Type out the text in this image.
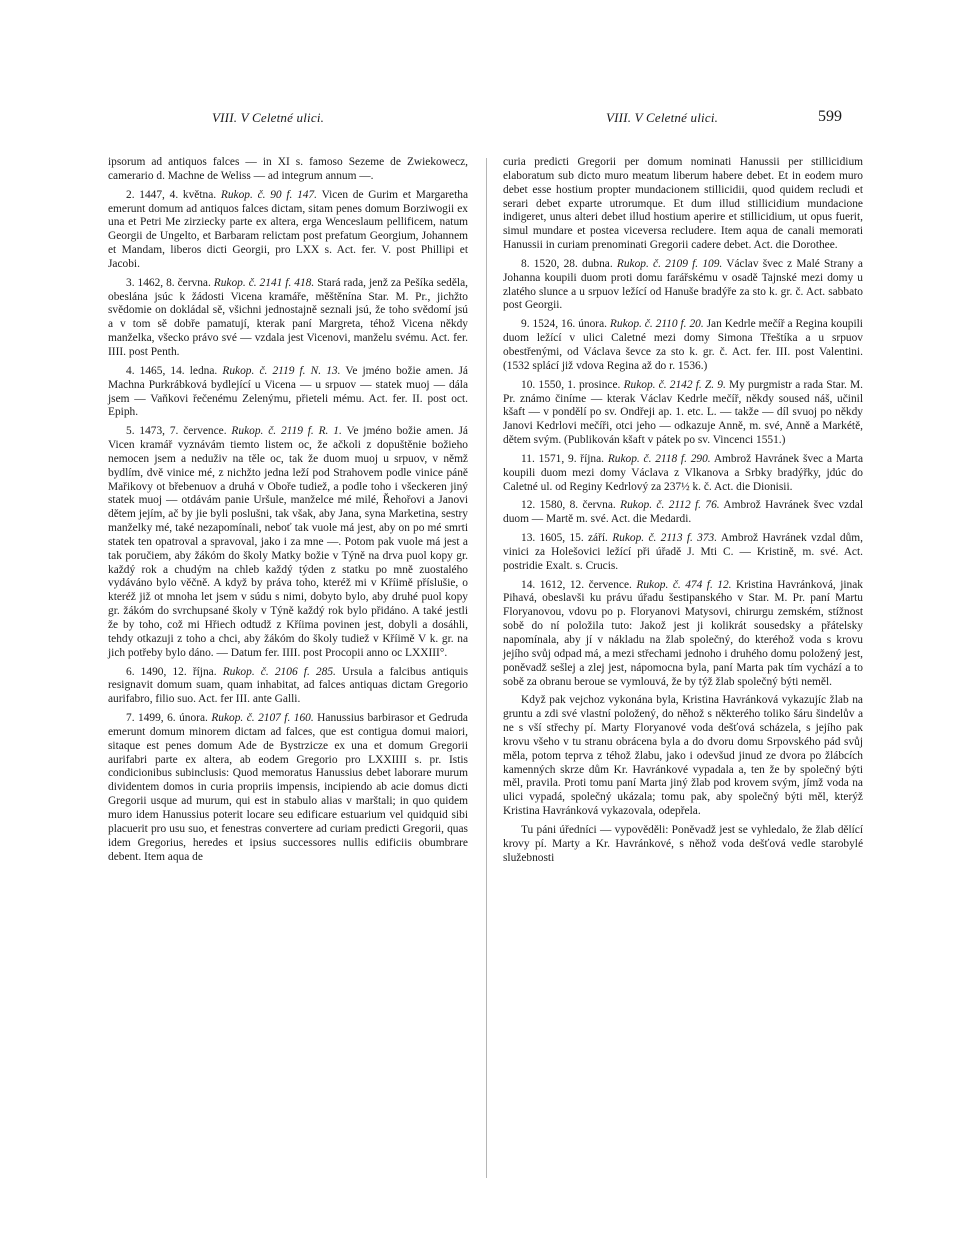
VIII. V Celetné ulici.	VIII. V Celetné ulici.	599

ipsorum ad antiquos falces — in XI s. famoso Sezeme de Zwiekowecz, camerario d. Machne de Weliss — ad integrum annum —.

2. 1447, 4. května. Rukop. č. 90 f. 147. Vicen de Gurim et Margaretha emerunt domum ad antiquos falces dictam, sitam penes domum Borziwogii ex una et Petri Me zirziecky parte ex altera, erga Wenceslaum pellificem, natum Georgii de Ungelto, et Barbaram relictam post prefatum Georgium, Johannem et Mandam, liberos dicti Georgii, pro LXX s. Act. fer. V. post Phillipi et Jacobi.

3. 1462, 8. června. Rukop. č. 2141 f. 418. Stará rada, jenž za Pešíka seděla, obeslána jsúc k žádosti Vicena kramáře, měštěnína Star. M. Pr., jichžto svědomie on dokládal sě, všichni jednostajně seznali jsú, že toho svědomí jsú a v tom sě dobře pamatují, kterak paní Margreta, téhož Vicena někdy manželka, všecko právo své — vzdala jest Vicenovi, manželu svému. Act. fer. IIII. post Penth.

4. 1465, 14. ledna. Rukop. č. 2119 f. N. 13. Ve jméno božie amen. Já Machna Purkrábková bydlející u Vicena — u srpuov — statek muoj — dála jsem — Vaňkovi řečenému Zelenýmu, přieteli mému. Act. fer. II. post oct. Epiph.

5. 1473, 7. července. Rukop. č. 2119 f. R. 1. Ve jméno božie amen. Já Vicen kramář vyznávám tiemto listem oc, že ačkoli z dopuštěnie božieho nemocen jsem a neduživ na těle oc, tak že duom muoj u srpuov, v němž bydlím, dvě vinice mé, z nichžto jedna leží pod Strahovem podle vinice páně Mařikovy ot břebenuov a druhá v Oboře tudiež, a podle toho i všeckeren jiný statek muoj — otdávám panie Uršule, manželce mé milé, Řehořovi a Janovi dětem jejím, ač by jie byli poslušni, tak však, aby Jana, syna Marketina, sestry manželky mé, také nezapomínali, neboť tak vuole má jest, aby on po mé smrti statek ten opatroval a spravoval, jako i za mne —. Potom pak vuole má jest a tak poručiem, aby žákóm do školy Matky božie v Týně na drva puol kopy gr. každý rok a chudým na chleb každý týden z statku po mně zuostalého vydáváno bylo věčně. A když by práva toho, kteréž mi v Kříimě příslušie, o kteréž již ot mnoha let jsem v súdu s nimi, dobyto bylo, aby druhé puol kopy gr. žákóm do svrchupsané školy v Týně každý rok bylo přidáno. A také jestli že by toho, což mi Hřiech odtudž z Kříima povinen jest, dobyli a dosáhli, tehdy otkazuji z toho a chci, aby žákóm do školy tudiež v Kříimě V k. gr. na jich potřeby bylo dáno. — Datum fer. IIII. post Procopii anno oc LXXIII°.

6. 1490, 12. října. Rukop. č. 2106 f. 285. Ursula a falcibus antiquis resignavit domum suam, quam inhabitat, ad falces antiquas dictam Gregorio aurifabro, filio suo. Act. fer III. ante Galli.

7. 1499, 6. února. Rukop. č. 2107 f. 160. Hanussius barbirasor et Gedruda emerunt domum minorem dictam ad falces, que est contigua domui maiori, sitaque est penes domum Ade de Bystrzicze ex una et domum Gregorii aurifabri parte ex altera, ab eodem Gregorio pro LXXIIII s. pr. Istis condicionibus subinclusis: Quod memoratus Hanussius debet laborare murum dividentem domos in curia propriis impensis, incipiendo ab acie domus dicti Gregorii usque ad murum, qui est in stabulo alias v marštali; in quo quidem muro idem Hanussius poterit locare seu edificare estuarium vel quidquid sibi placuerit pro usu suo, et fenestras convertere ad curiam predicti Gregorii, quas idem Gregorius, heredes et ipsius successores nullis edificiis obumbrare debent. Item aqua de

curia predicti Gregorii per domum nominati Hanussii per stillicidium elaboratum sub dicto muro meatum liberum habere debet. Et in eodem muro debet esse hostium propter mundacionem stillicidii, quod quidem recludi et serari debet exparte utrorumque. Et dum illud stillicidium mundacione indigeret, unus alteri debet illud hostium aperire et stillicidium, ut opus fuerit, simul mundare et postea viceversa recludere. Item aqua de canali memorati Hanussii in curiam prenominati Gregorii cadere debet. Act. die Dorothee.

8. 1520, 28. dubna. Rukop. č. 2109 f. 109. Václav švec z Malé Strany a Johanna koupili duom proti domu farářskému v osadě Tajnské mezi domy u zlatého slunce a u srpuov ležící od Hanuše bradýře za sto k. gr. č. Act. sabbato post Georgii.

9. 1524, 16. února. Rukop. č. 2110 f. 20. Jan Kedrle mečíř a Regina koupili duom ležící v ulici Caletné mezi domy Simona Třeštíka a u srpuov obestřenými, od Václava ševce za sto k. gr. č. Act. fer. III. post Valentini. (1532 splácí již vdova Regina až do r. 1536.)

10. 1550, 1. prosince. Rukop. č. 2142 f. Z. 9. My purgmistr a rada Star. M. Pr. známo činíme — kterak Václav Kedrle mečíř, někdy soused náš, učinil kšaft — v pondělí po sv. Ondřeji ap. 1. etc. L. — takže — díl svuoj po někdy Janovi Kedrlovi mečíři, otci jeho — odkazuje Anně, m. své, Anně a Markétě, dětem svým. (Publikován kšaft v pátek po sv. Vincenci 1551.)

11. 1571, 9. října. Rukop. č. 2118 f. 290. Ambrož Havránek švec a Marta koupili duom mezi domy Václava z Vlkanova a Srbky bradýřky, jdúc do Caletné ul. od Reginy Kedrlový za 237½ k. č. Act. die Dionisii.

12. 1580, 8. června. Rukop. č. 2112 f. 76. Ambrož Havránek švec vzdal duom — Martě m. své. Act. die Medardi.

13. 1605, 15. září. Rukop. č. 2113 f. 373. Ambrož Havránek vzdal dům, vinici za Holešovici ležící při úřadě J. Mti C. — Kristině, m. své. Act. postridie Exalt. s. Crucis.

14. 1612, 12. července. Rukop. č. 474 f. 12. Kristina Havránková, jinak Pihavá, obeslavši ku právu úřadu šestipanského v Star. M. Pr. paní Martu Floryanovou, vdovu po p. Floryanovi Matysovi, chirurgu zemském, stížnost sobě do ní položila tuto: Jakož jest ji kolikrát sousedsky a přátelsky napomínala, aby jí v nákladu na žlab společný, do kteréhož voda s krovu jejího svůj odpad má, a mezi střechami jednoho i druhého domu položený jest, poněvadž sešlej a zlej jest, nápomocna byla, paní Marta pak tím vychází a to sobě za obranu beroue se vymlouvá, že by týž žlab společný býti neměl.

Když pak vejchoz vykonána byla, Kristina Havránková vykazujíc žlab na gruntu a zdi své vlastní položený, do něhož s některého toliko šáru šindelův a ne s vší střechy pí. Marty Floryanové voda dešťová scházela, s jejího pak krovu všeho v tu stranu obrácena byla a do dvoru domu Srpovského pád svůj měla, potom teprva z téhož žlabu, jako i odevšud jinud ze dvora po žlábcích kamenných skrze dům Kr. Havránkové vypadala a, ten že by společný býti měl, pravila. Proti tomu paní Marta jiný žlab pod krovem svým, jímž voda na ulici vypadá, společný ukázala; tomu pak, aby společný býti měl, kterýž Kristina Havránková vykazovala, odepřela.

Tu páni úředníci — vypověděli: Poněvadž jest se vyhledalo, že žlab dělící krovy pí. Marty a Kr. Havránkové, s něhož voda dešťová vedle starobylé služebnosti
